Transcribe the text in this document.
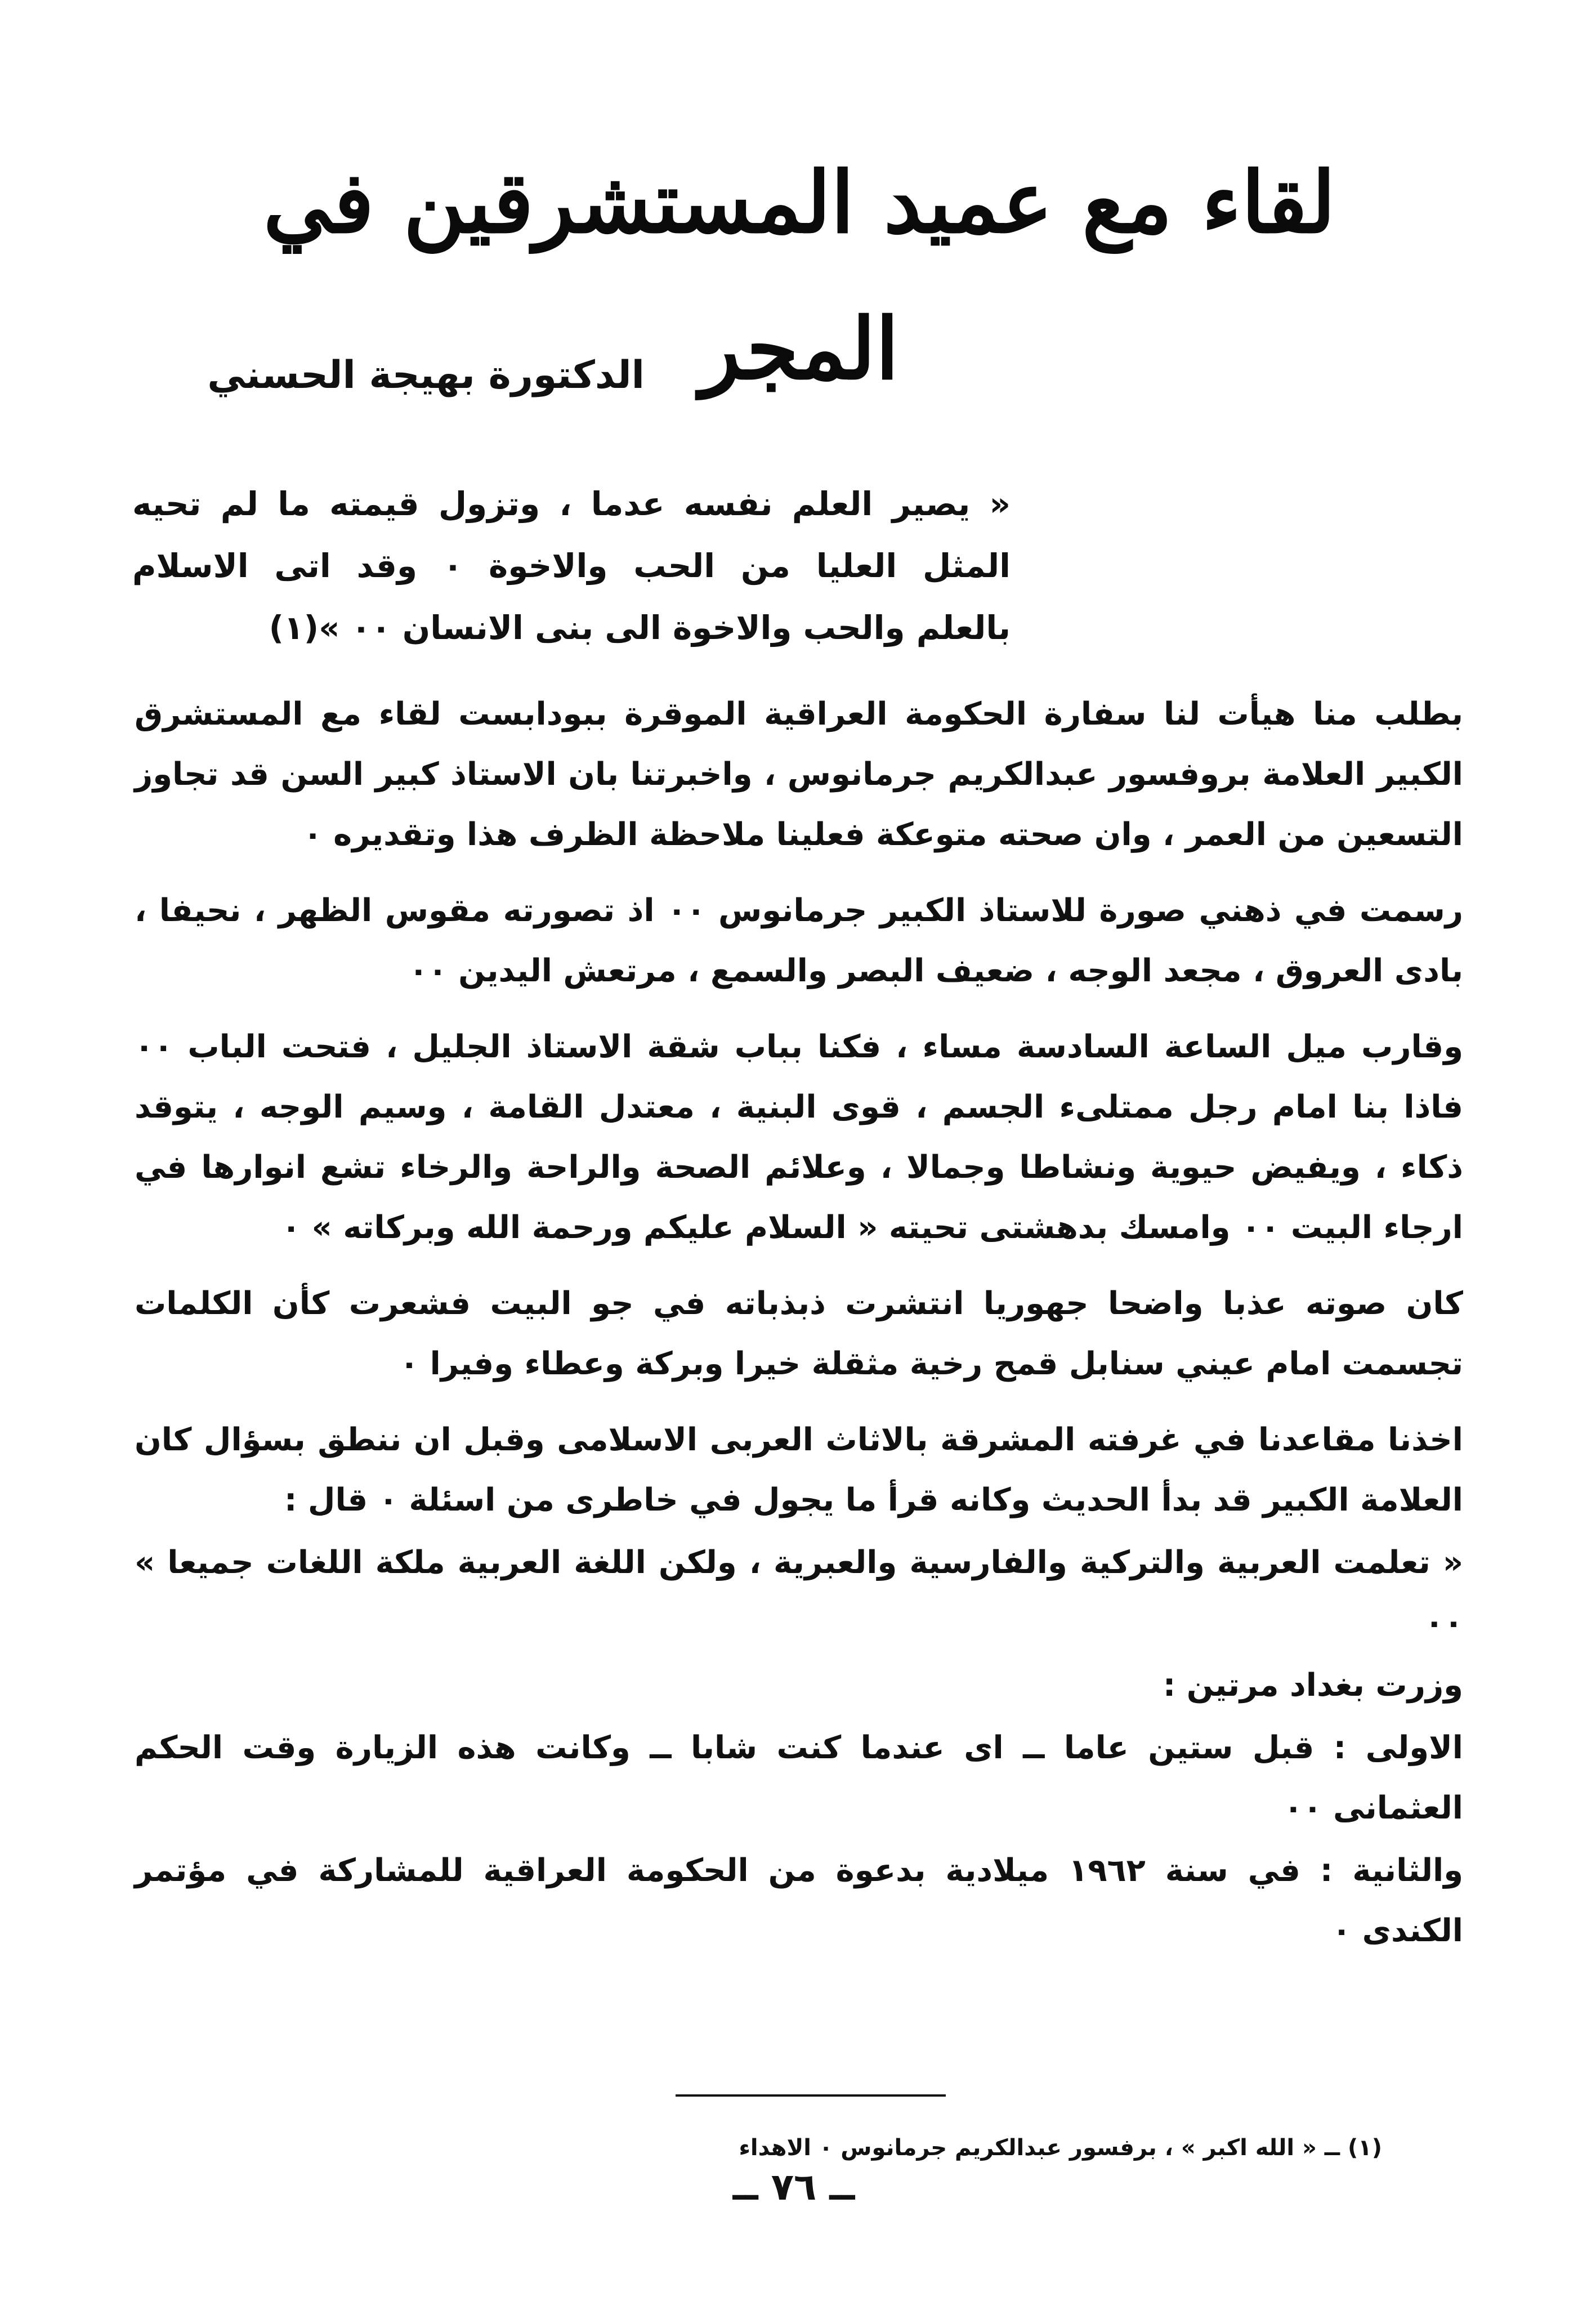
لقاء مع عميد المستشرقين في المجر
الدكتورة بهيجة الحسني
« يصير العلم نفسه عدما ، وتزول قيمته ما لم تحيه
المثل العليا من الحب والاخوة ٠ وقد اتى الاسلام
بالعلم والحب والاخوة الى بنى الانسان ٠٠ »(١)

بطلب منا هيأت لنا سفارة الحكومة العراقية الموقرة ببودابست لقاء مع المستشرق الكبير العلامة بروفسور عبدالكريم جرمانوس ، واخبرتنا بان الاستاذ كبير السن قد تجاوز التسعين من العمر ، وان صحته متوعكة فعلينا ملاحظة الظرف هذا وتقديره ٠

رسمت في ذهني صورة للاستاذ الكبير جرمانوس ٠٠ اذ تصورته مقوس الظهر ، نحيفا ، بادى العروق ، مجعد الوجه ، ضعيف البصر والسمع ، مرتعش اليدين ٠٠

وقارب ميل الساعة السادسة مساء ، فكنا بباب شقة الاستاذ الجليل ، فتحت الباب ٠٠ فاذا بنا امام رجل ممتلىء الجسم ، قوى البنية ، معتدل القامة ، وسيم الوجه ، يتوقد ذكاء ، ويفيض حيوية ونشاطا وجمالا ، وعلائم الصحة والراحة والرخاء تشع انوارها في ارجاء البيت ٠٠ وامسك بدهشتى تحيته « السلام عليكم ورحمة الله وبركاته » ٠

كان صوته عذبا واضحا جهوريا انتشرت ذبذباته في جو البيت فشعرت كأن الكلمات تجسمت امام عيني سنابل قمح رخية مثقلة خيرا وبركة وعطاء وفيرا ٠

اخذنا مقاعدنا في غرفته المشرقة بالاثاث العربى الاسلامى وقبل ان ننطق بسؤال كان العلامة الكبير قد بدأ الحديث وكانه قرأ ما يجول في خاطرى من اسئلة ٠ قال :

« تعلمت العربية والتركية والفارسية والعبرية ، ولكن اللغة العربية ملكة اللغات جميعا » ٠٠

وزرت بغداد مرتين :

الاولى : قبل ستين عاما ــ اى عندما كنت شابا ــ وكانت هذه الزيارة وقت الحكم العثمانى ٠٠

والثانية : في سنة ١٩٦٢ ميلادية بدعوة من الحكومة العراقية للمشاركة في مؤتمر الكندى ٠

(١) ــ « الله اكبر » ، برفسور عبدالكريم جرمانوس ٠ الاهداء
ــ ٧٦ ــ
